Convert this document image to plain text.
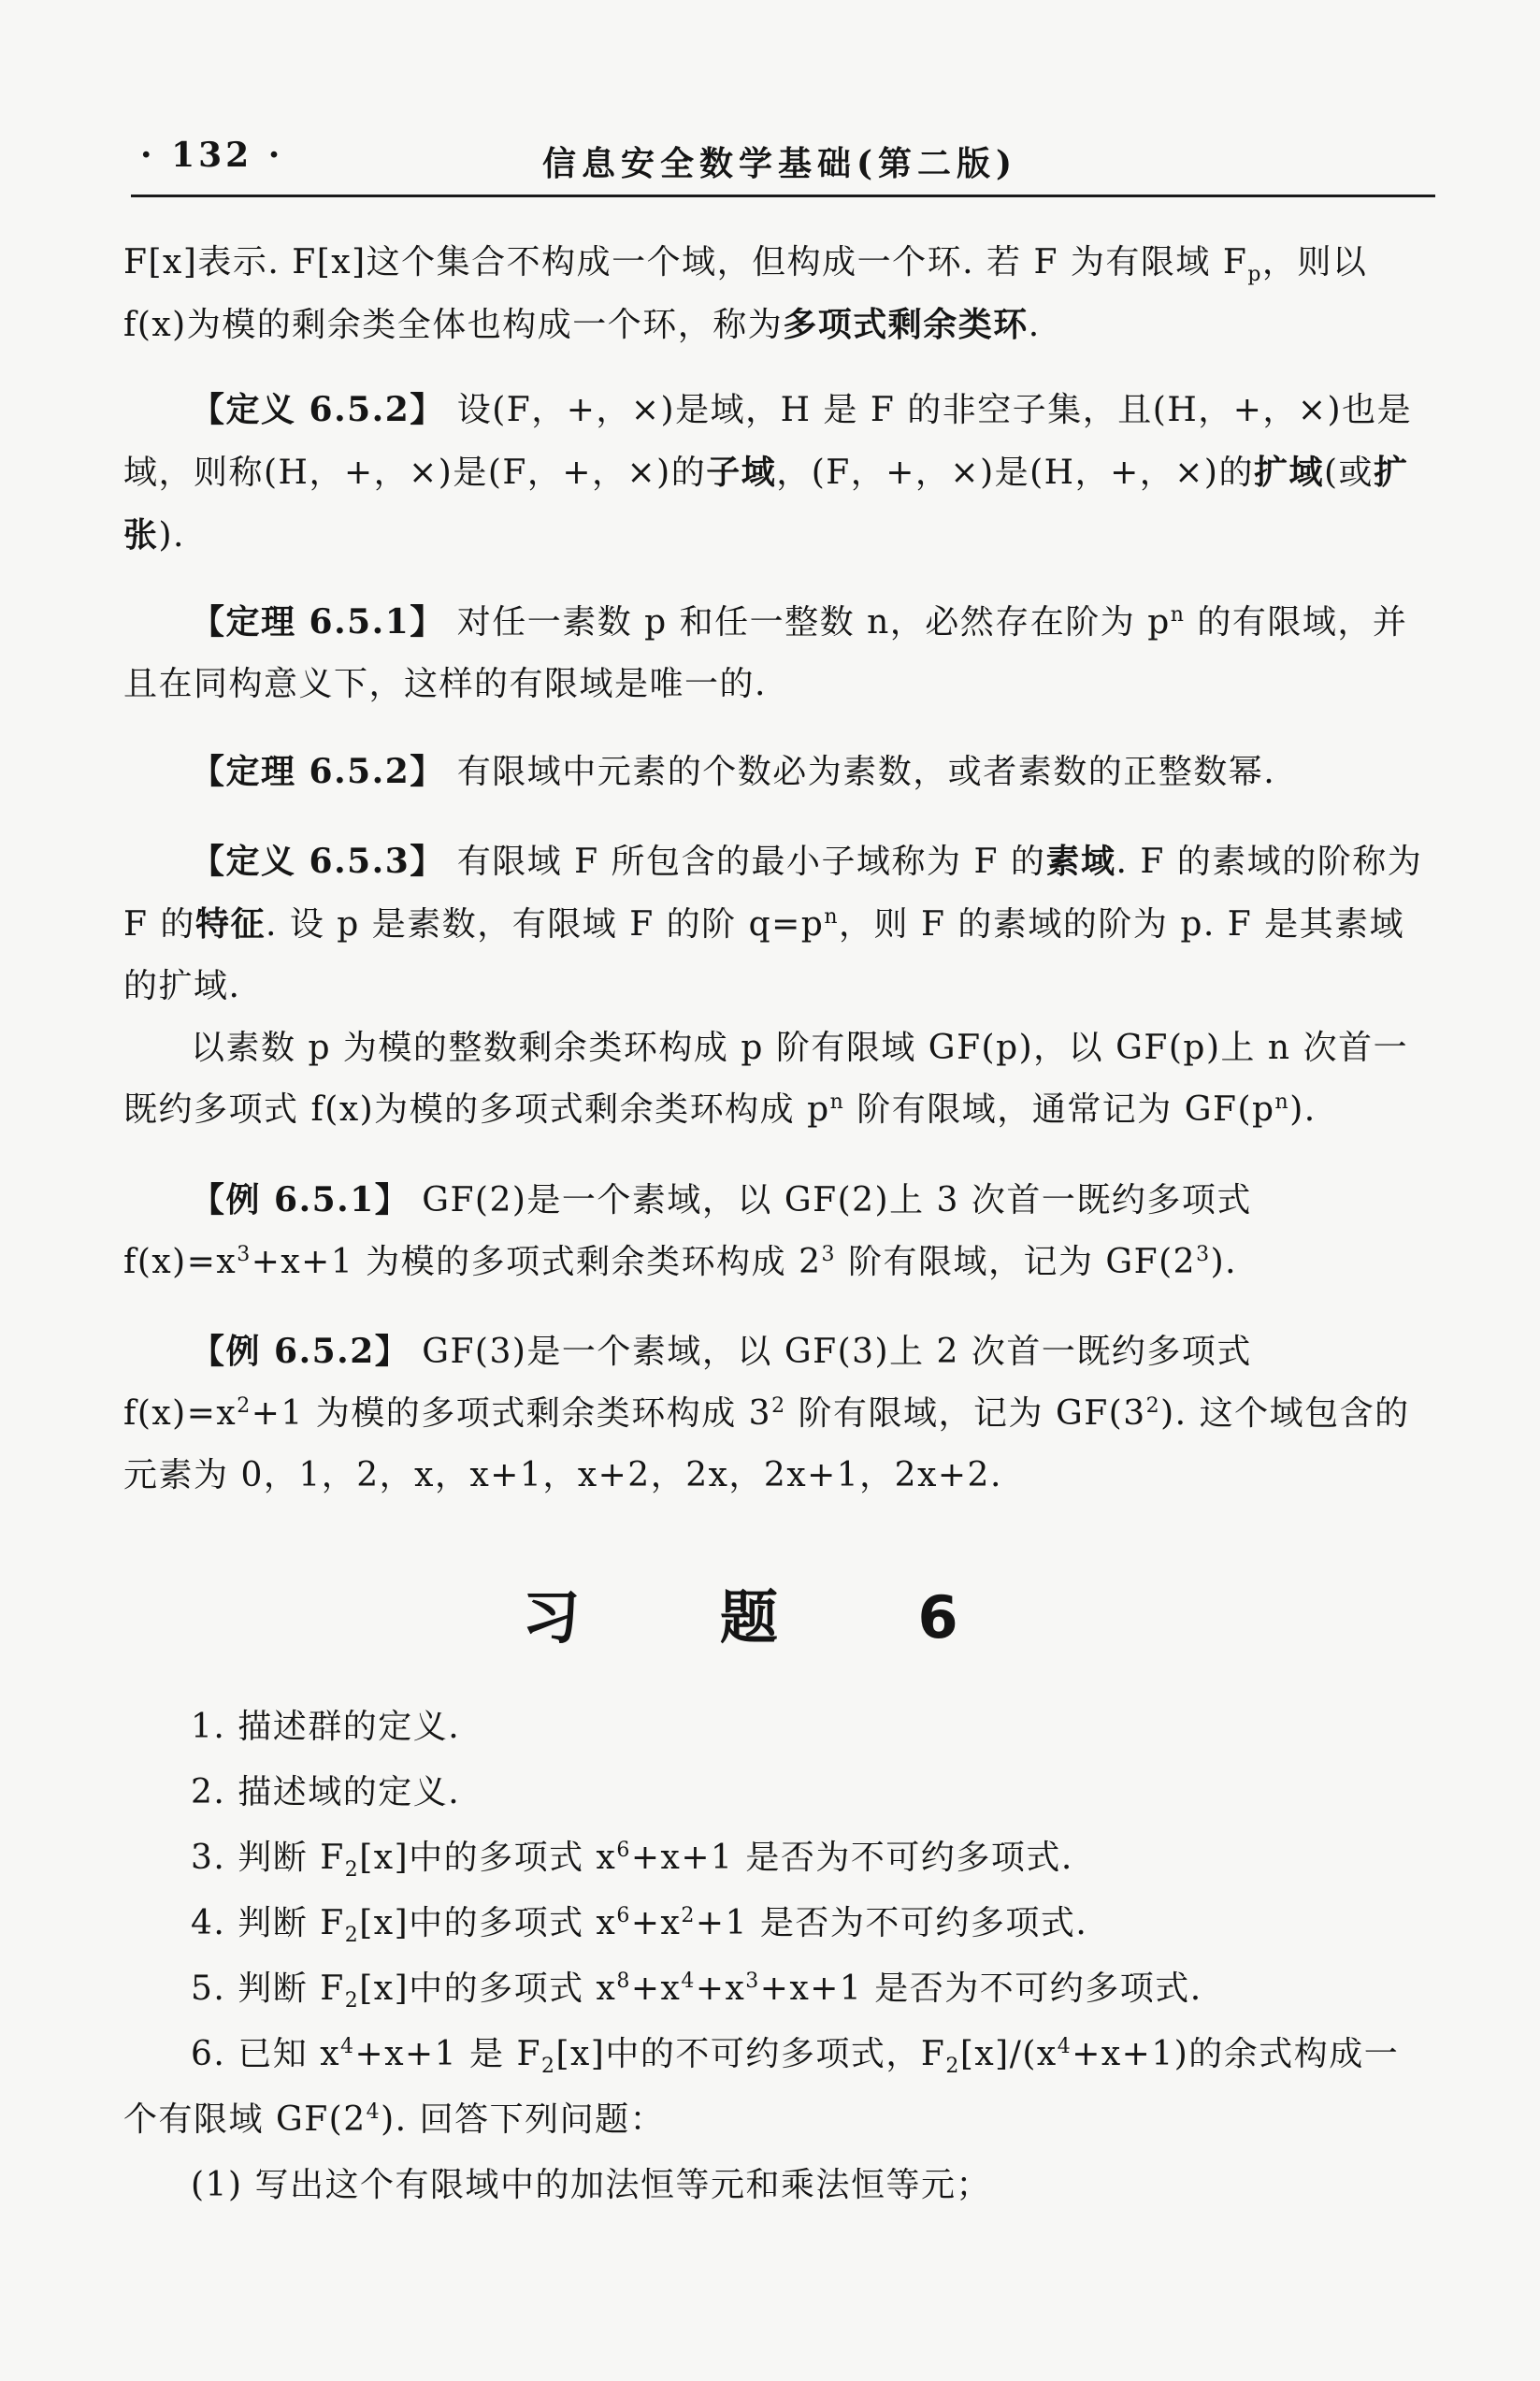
· 132 ·	信息安全数学基础(第二版)

F[x]表示. F[x]这个集合不构成一个域，但构成一个环. 若 F 为有限域 $F_p$，则以 f(x)为模的剩余类全体也构成一个环，称为多项式剩余类环.

【定义 6.5.2】 设(F，+，×)是域，H 是 F 的非空子集，且(H，+，×)也是域，则称(H，+，×)是(F，+，×)的子域，(F，+，×)是(H，+，×)的扩域(或扩张).

【定理 6.5.1】 对任一素数 p 和任一整数 n，必然存在阶为 $p^n$ 的有限域，并且在同构意义下，这样的有限域是唯一的.

【定理 6.5.2】 有限域中元素的个数必为素数，或者素数的正整数幂.

【定义 6.5.3】 有限域 F 所包含的最小子域称为 F 的素域. F 的素域的阶称为 F 的特征. 设 p 是素数，有限域 F 的阶 $q=p^n$，则 F 的素域的阶为 p. F 是其素域的扩域.

以素数 p 为模的整数剩余类环构成 p 阶有限域 GF(p)，以 GF(p)上 n 次首一既约多项式 f(x)为模的多项式剩余类环构成 $p^n$ 阶有限域，通常记为 $GF(p^n)$.

【例 6.5.1】 GF(2)是一个素域，以 GF(2)上 3 次首一既约多项式 $f(x)=x^3+x+1$ 为模的多项式剩余类环构成 $2^3$ 阶有限域，记为 $GF(2^3)$.

【例 6.5.2】 GF(3)是一个素域，以 GF(3)上 2 次首一既约多项式 $f(x)=x^2+1$ 为模的多项式剩余类环构成 $3^2$ 阶有限域，记为 $GF(3^2)$. 这个域包含的元素为 0，1，2，x，x+1，x+2，2x，2x+1，2x+2.

习 题 6

1. 描述群的定义.

2. 描述域的定义.

3. 判断 $F_2[x]$中的多项式 $x^6+x+1$ 是否为不可约多项式.

4. 判断 $F_2[x]$中的多项式 $x^6+x^2+1$ 是否为不可约多项式.

5. 判断 $F_2[x]$中的多项式 $x^8+x^4+x^3+x+1$ 是否为不可约多项式.

6. 已知 $x^4+x+1$ 是 $F_2[x]$中的不可约多项式，$F_2[x]/(x^4+x+1)$的余式构成一个有限域 $GF(2^4)$. 回答下列问题：

(1) 写出这个有限域中的加法恒等元和乘法恒等元；
